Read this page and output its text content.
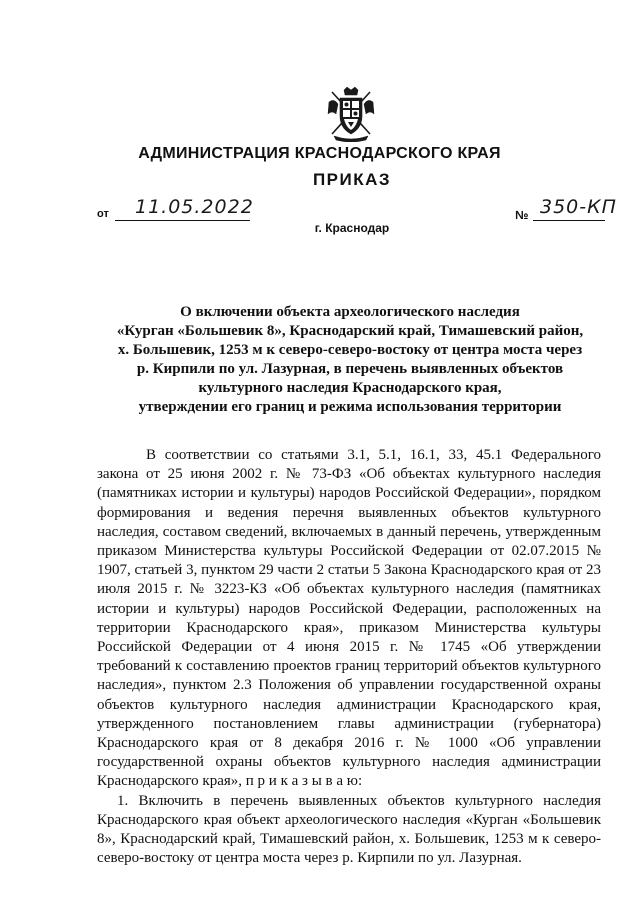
АДМИНИСТРАЦИЯ КРАСНОДАРСКОГО КРАЯ
ПРИКАЗ
от 11.05.2022	№ 350-КП
г. Краснодар
О включении объекта археологического наследия
«Курган «Большевик 8», Краснодарский край, Тимашевский район,
х. Большевик, 1253 м к северо-северо-востоку от центра моста через
р. Кирпили по ул. Лазурная, в перечень выявленных объектов
культурного наследия Краснодарского края,
утверждении его границ и режима использования территории

В соответствии со статьями 3.1, 5.1, 16.1, 33, 45.1 Федерального закона от 25 июня 2002 г. № 73-ФЗ «Об объектах культурного наследия (памятниках истории и культуры) народов Российской Федерации», порядком формирования и ведения перечня выявленных объектов культурного наследия, составом сведений, включаемых в данный перечень, утвержденным приказом Министерства культуры Российской Федерации от 02.07.2015 № 1907, статьей 3, пунктом 29 части 2 статьи 5 Закона Краснодарского края от 23 июля 2015 г. № 3223-КЗ «Об объектах культурного наследия (памятниках истории и культуры) народов Российской Федерации, расположенных на территории Краснодарского края», приказом Министерства культуры Российской Федерации от 4 июня 2015 г. № 1745 «Об утверждении требований к составлению проектов границ территорий объектов культурного наследия», пунктом 2.3 Положения об управлении государственной охраны объектов культурного наследия администрации Краснодарского края, утвержденного постановлением главы администрации (губернатора) Краснодарского края от 8 декабря 2016 г. № 1000 «Об управлении государственной охраны объектов культурного наследия администрации Краснодарского края», п р и к а з ы в а ю:

1. Включить в перечень выявленных объектов культурного наследия Краснодарского края объект археологического наследия «Курган «Большевик 8», Краснодарский край, Тимашевский район, х. Большевик, 1253 м к северо-северо-востоку от центра моста через р. Кирпили по ул. Лазурная.
